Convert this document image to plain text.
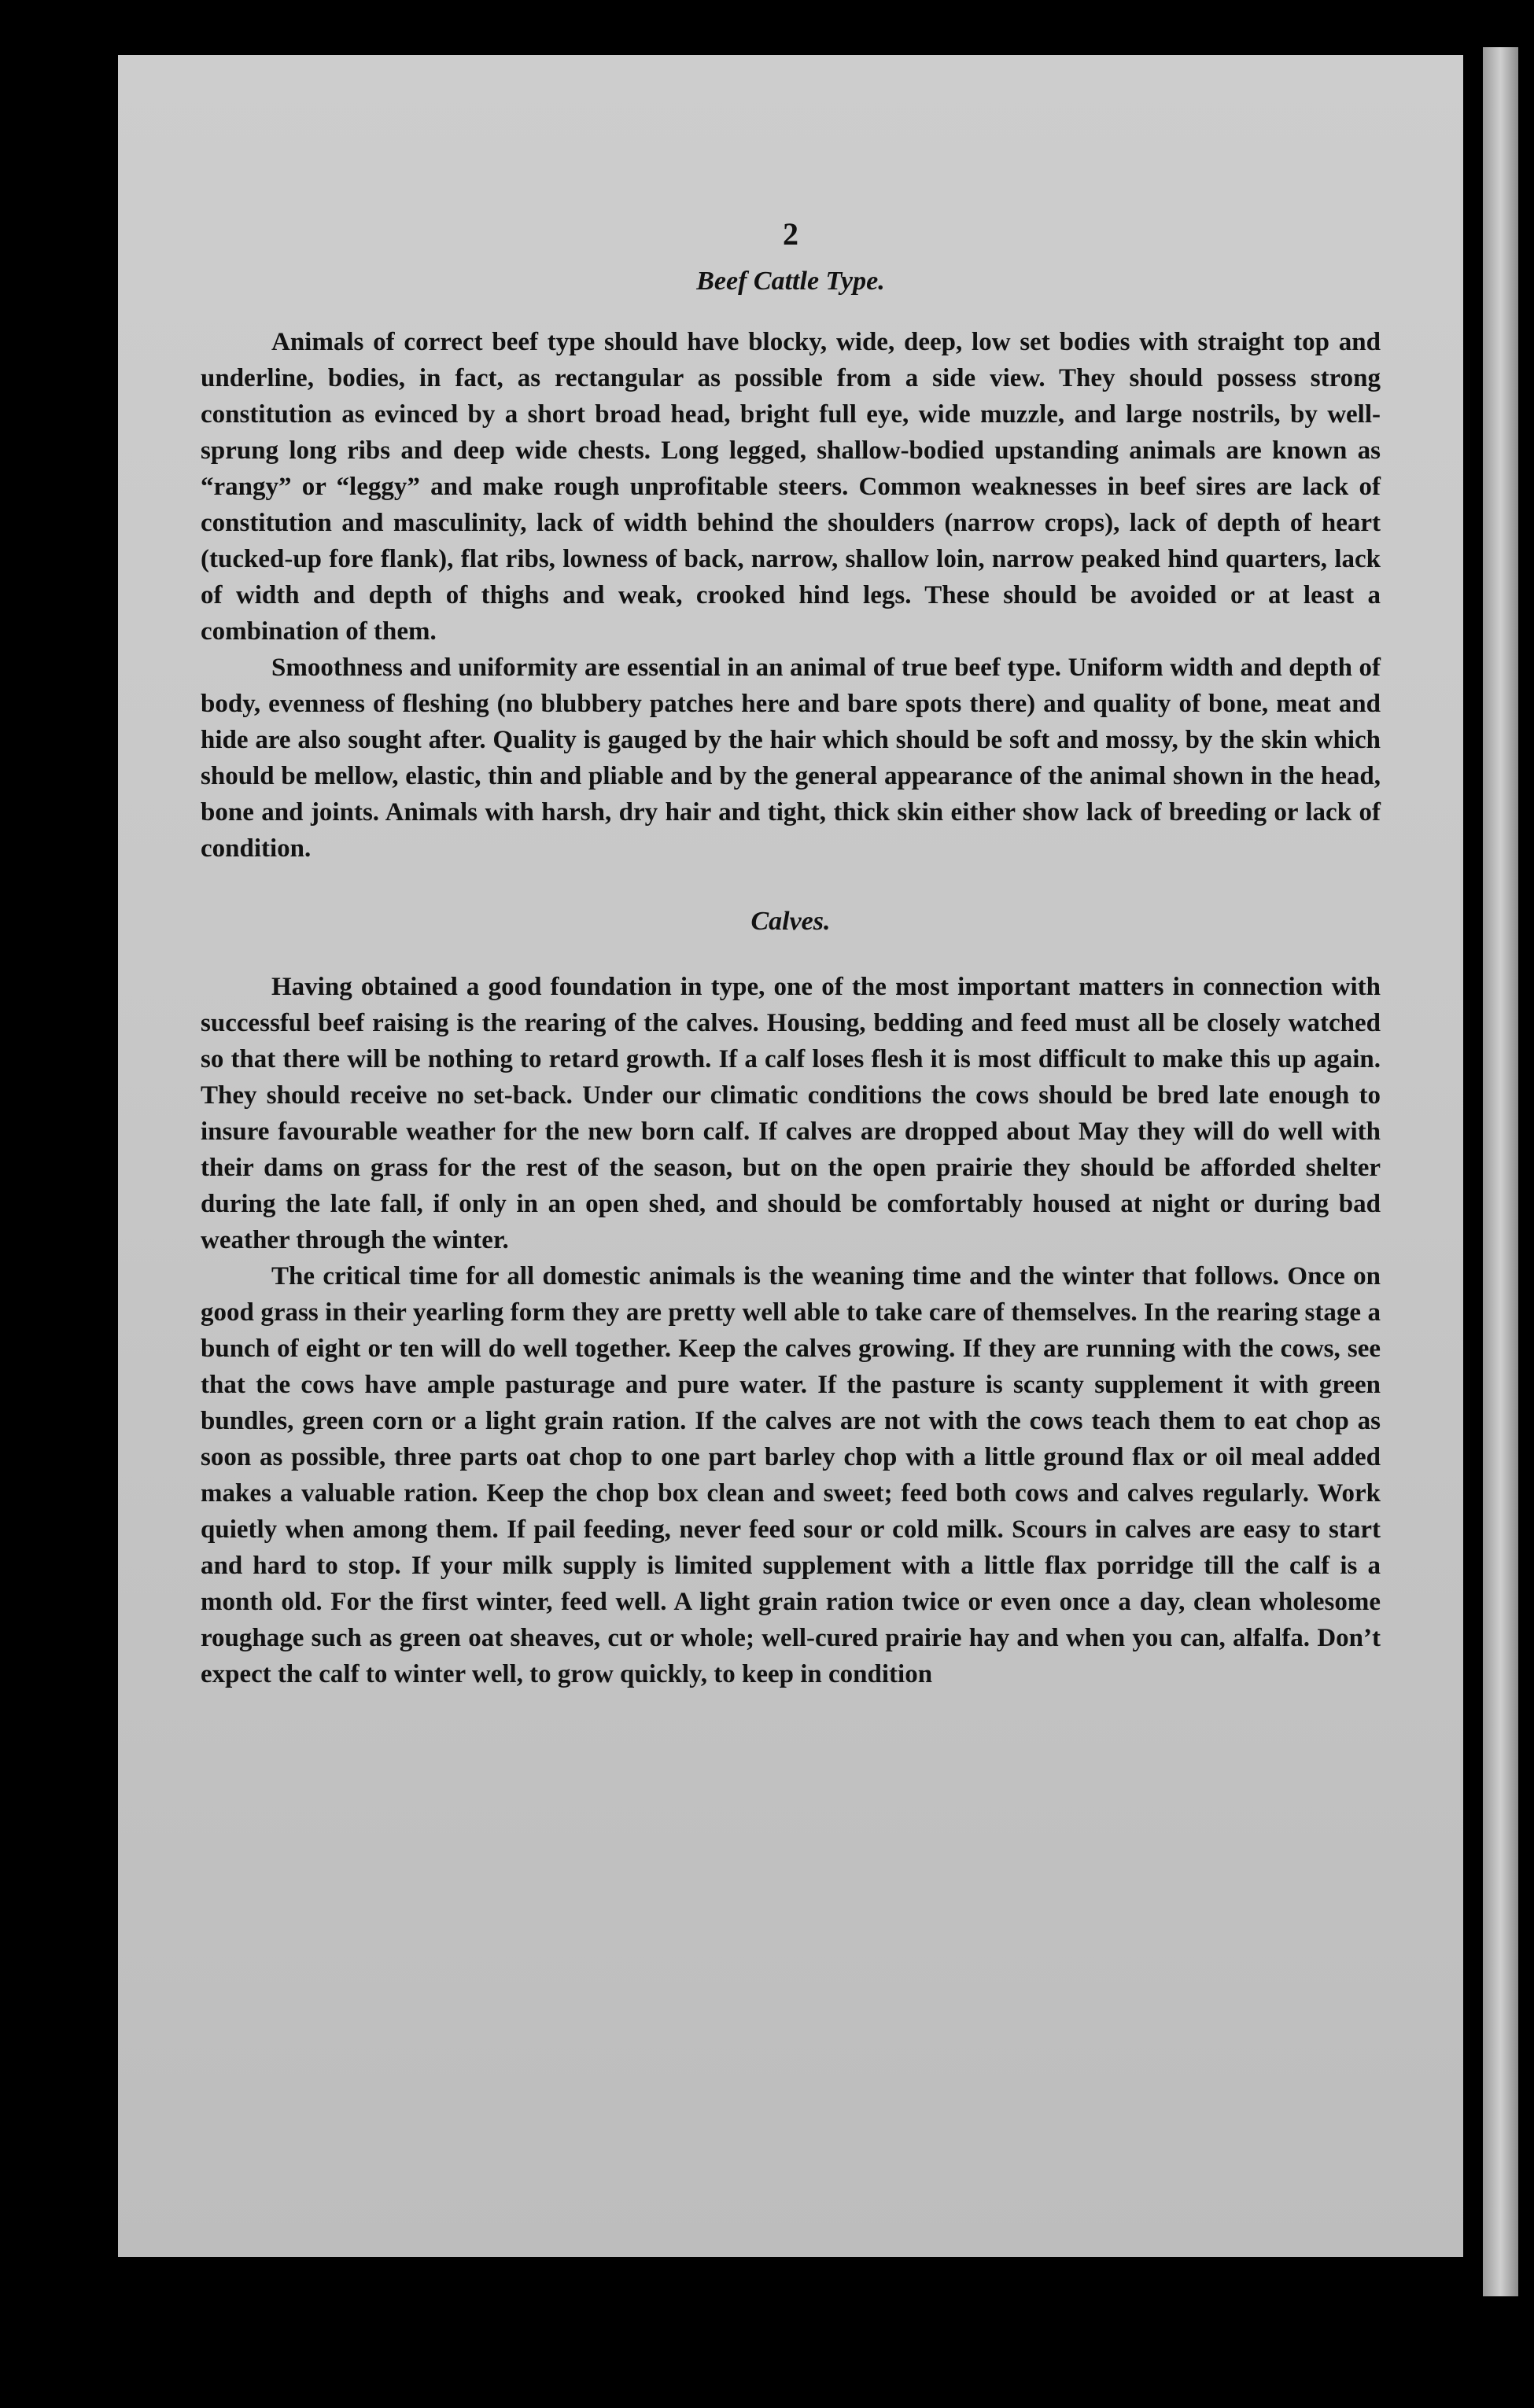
2
Beef Cattle Type.

Animals of correct beef type should have blocky, wide, deep, low set bodies with straight top and underline, bodies, in fact, as rectangular as possible from a side view. They should possess strong constitution as evinced by a short broad head, bright full eye, wide muzzle, and large nostrils, by well-sprung long ribs and deep wide chests. Long legged, shallow-bodied upstanding animals are known as “rangy” or “leggy” and make rough unprofitable steers. Common weaknesses in beef sires are lack of constitution and masculinity, lack of width behind the shoulders (narrow crops), lack of depth of heart (tucked-up fore flank), flat ribs, lowness of back, narrow, shallow loin, narrow peaked hind quarters, lack of width and depth of thighs and weak, crooked hind legs. These should be avoided or at least a combination of them.

Smoothness and uniformity are essential in an animal of true beef type. Uniform width and depth of body, evenness of fleshing (no blubbery patches here and bare spots there) and quality of bone, meat and hide are also sought after. Quality is gauged by the hair which should be soft and mossy, by the skin which should be mellow, elastic, thin and pliable and by the general appearance of the animal shown in the head, bone and joints. Animals with harsh, dry hair and tight, thick skin either show lack of breeding or lack of condition.

Calves.

Having obtained a good foundation in type, one of the most important matters in connection with successful beef raising is the rearing of the calves. Housing, bedding and feed must all be closely watched so that there will be nothing to retard growth. If a calf loses flesh it is most difficult to make this up again. They should receive no set-back. Under our climatic conditions the cows should be bred late enough to insure favourable weather for the new born calf. If calves are dropped about May they will do well with their dams on grass for the rest of the season, but on the open prairie they should be afforded shelter during the late fall, if only in an open shed, and should be comfortably housed at night or during bad weather through the winter.

The critical time for all domestic animals is the weaning time and the winter that follows. Once on good grass in their yearling form they are pretty well able to take care of themselves. In the rearing stage a bunch of eight or ten will do well together. Keep the calves growing. If they are running with the cows, see that the cows have ample pasturage and pure water. If the pasture is scanty supplement it with green bundles, green corn or a light grain ration. If the calves are not with the cows teach them to eat chop as soon as possible, three parts oat chop to one part barley chop with a little ground flax or oil meal added makes a valuable ration. Keep the chop box clean and sweet; feed both cows and calves regularly. Work quietly when among them. If pail feeding, never feed sour or cold milk. Scours in calves are easy to start and hard to stop. If your milk supply is limited supplement with a little flax porridge till the calf is a month old. For the first winter, feed well. A light grain ration twice or even once a day, clean wholesome roughage such as green oat sheaves, cut or whole; well-cured prairie hay and when you can, alfalfa. Don’t expect the calf to winter well, to grow quickly, to keep in condition
